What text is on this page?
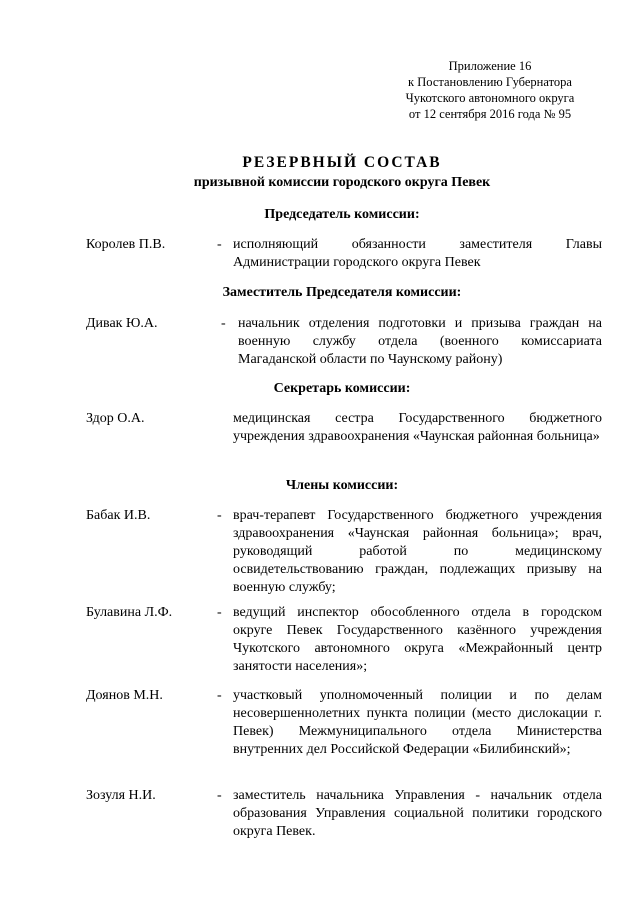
Приложение 16
к Постановлению Губернатора
Чукотского автономного округа
от 12 сентября 2016 года № 95
РЕЗЕРВНЫЙ СОСТАВ
призывной комиссии городского округа Певек
Председатель комиссии:
Королев П.В.	- исполняющий обязанности заместителя Главы Администрации городского округа Певек
Заместитель Председателя комиссии:
Дивак Ю.А.	- начальник отделения подготовки и призыва граждан на военную службу отдела (военного комиссариата Магаданской области по Чаунскому району)
Секретарь комиссии:
Здор О.А.	медицинская сестра Государственного бюджетного учреждения здравоохранения «Чаунская районная больница»
Члены комиссии:
Бабак И.В.	- врач-терапевт Государственного бюджетного учреждения здравоохранения «Чаунская районная больница»; врач, руководящий работой по медицинскому освидетельствованию граждан, подлежащих призыву на военную службу;
Булавина Л.Ф.	- ведущий инспектор обособленного отдела в городском округе Певек Государственного казённого учреждения Чукотского автономного округа «Межрайонный центр занятости населения»;
Доянов М.Н.	- участковый уполномоченный полиции и по делам несовершеннолетних пункта полиции (место дислокации г. Певек) Межмуниципального отдела Министерства внутренних дел Российской Федерации «Билибинский»;
Зозуля Н.И.	- заместитель начальника Управления - начальник отдела образования Управления социальной политики городского округа Певек.
